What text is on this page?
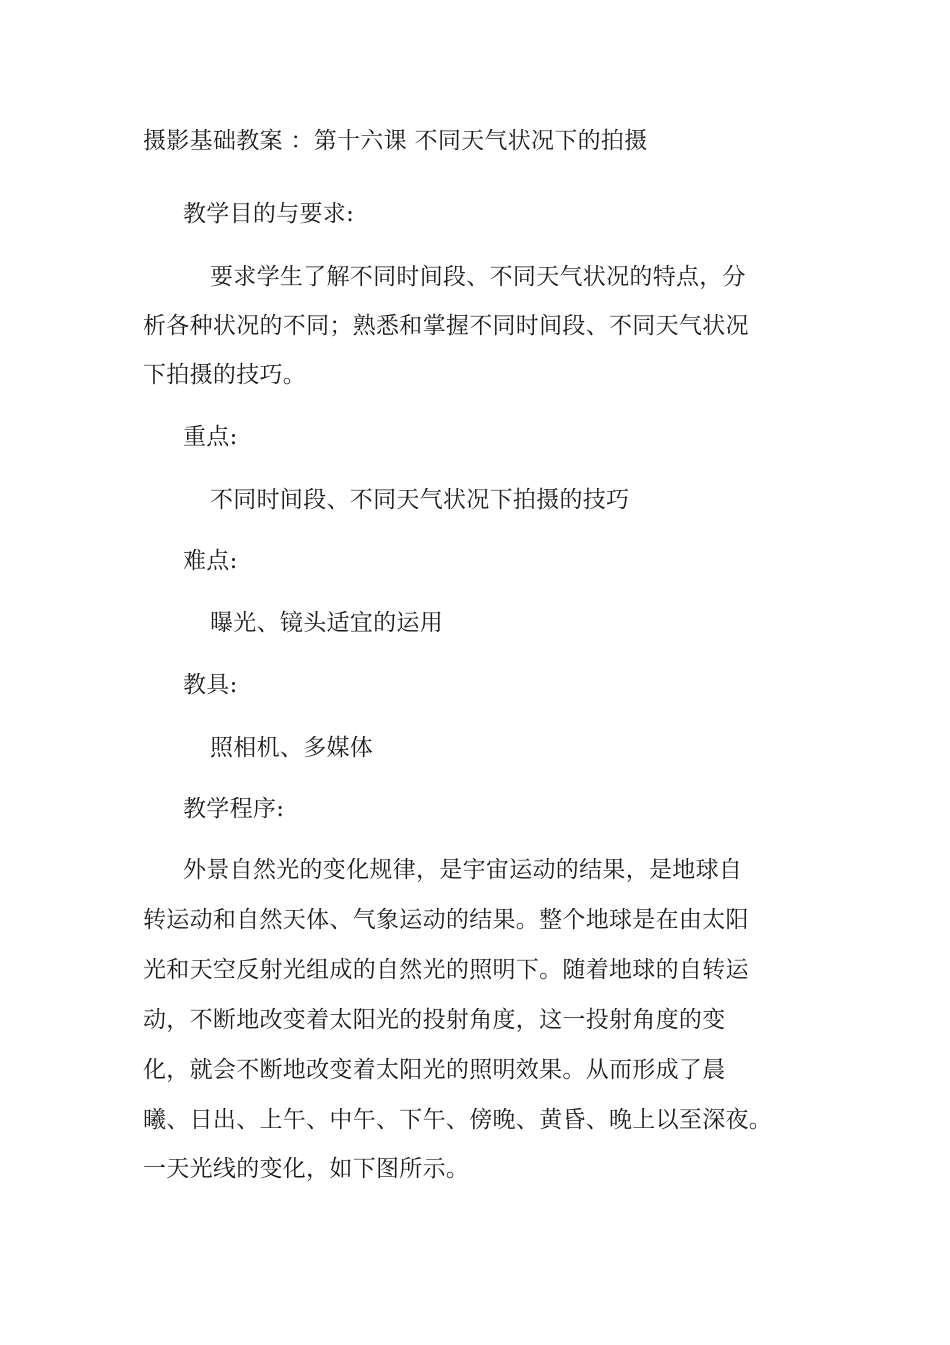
摄影基础教案 ：第十六课 不同天气状况下的拍摄
教学目的与要求:
要求学生了解不同时间段、不同天气状况的特点，分
析各种状况的不同；熟悉和掌握不同时间段、不同天气状况
下拍摄的技巧。
重点:
不同时间段、不同天气状况下拍摄的技巧
难点:
曝光、镜头适宜的运用
教具:
照相机、多媒体
教学程序:
外景自然光的变化规律，是宇宙运动的结果，是地球自
转运动和自然天体、气象运动的结果。整个地球是在由太阳
光和天空反射光组成的自然光的照明下。随着地球的自转运
动，不断地改变着太阳光的投射角度，这一投射角度的变
化，就会不断地改变着太阳光的照明效果。从而形成了晨
曦、日出、上午、中午、下午、傍晚、黄昏、晚上以至深夜。
一天光线的变化，如下图所示。
